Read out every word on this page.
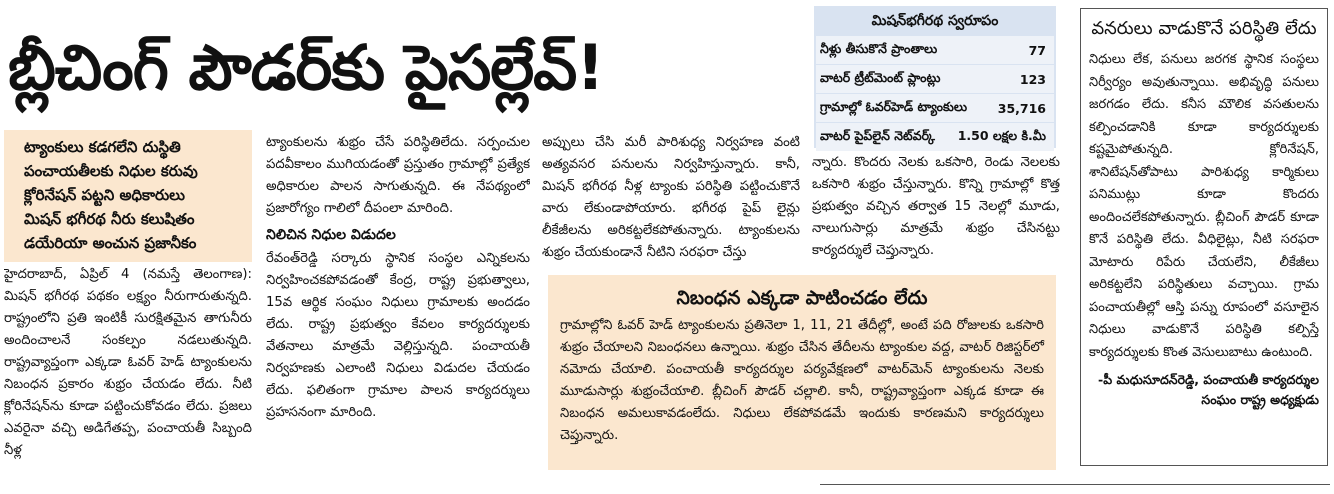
బ్లీచింగ్ పౌడర్‌కు పైసల్లేవ్!
• ట్యాంకులు కడగలేని దుస్థితి
• పంచాయతీలకు నిధుల కరువు
• క్లోరినేషన్ పట్టని అధికారులు
• మిషన్ భగీరథ నీరు కలుషితం
• డయేరియా అంచున ప్రజానీకం

హైదరాబాద్, ఏప్రిల్ 4 (నమస్తే తెలంగాణ): మిషన్ భగీరథ పథకం లక్ష్యం నీరుగారుతున్నది. రాష్ట్రంలోని ప్రతి ఇంటికీ సురక్షితమైన తాగునీరు అందించాలనే సంకల్పం నడలుతున్నది. రాష్ట్రవ్యాప్తంగా ఎక్కడా ఓవర్ హెడ్ ట్యాంకులను నిబంధన ప్రకారం శుభ్రం చేయడం లేదు. నీటి క్లోరినేషన్‌ను కూడా పట్టించుకోవడం లేదు. ప్రజలు ఎవరైనా వచ్చి అడిగేతప్ప, పంచాయతీ సిబ్బంది నీళ్ల

ట్యాంకులను శుభ్రం చేసే పరిస్థితిలేదు. సర్పంచుల పదవీకాలం ముగియడంతో ప్రస్తుతం గ్రామాల్లో ప్రత్యేక అధికారుల పాలన సాగుతున్నది. ఈ నేపథ్యంలో ప్రజారోగ్యం గాలిలో దీపంలా మారింది.

నిలిచిన నిధుల విడుదల

రేవంత్‌రెడ్డి సర్కారు స్థానిక సంస్థల ఎన్నికలను నిర్వహించకపోవడంతో కేంద్ర, రాష్ట్ర ప్రభుత్వాలు, 15వ ఆర్థిక సంఘం నిధులు గ్రామాలకు అందడం లేదు. రాష్ట్ర ప్రభుత్వం కేవలం కార్యదర్శులకు వేతనాలు మాత్రమే వెల్లిస్తున్నది. పంచాయతీ నిర్వహణకు ఎలాంటి నిధులు విడుదల చేయడం లేదు. ఫలితంగా గ్రామాల పాలన కార్యదర్శులు ప్రహసనంగా మారింది.

అప్పులు చేసి మరీ పారిశుధ్య నిర్వహణ వంటి అత్యవసర పనులను నిర్వహిస్తున్నారు. కానీ, మిషన్ భగీరథ నీళ్ల ట్యాంకు పరిస్థితి పట్టించుకొనే వారు లేకుండాపోయారు. భగీరథ పైప్ లైన్లు లీకేజీలను అరికట్టలేకపోతున్నారు. ట్యాంకులను శుభ్రం చేయకుండానే నీటిని సరఫరా చేస్తు

న్నారు. కొందరు నెలకు ఒకసారి, రెండు నెలలకు ఒకసారి శుభ్రం చేస్తున్నారు. కొన్ని గ్రామాల్లో కొత్త ప్రభుత్వం వచ్చిన తర్వాత 15 నెలల్లో మూడు, నాలుగుసార్లు మాత్రమే శుభ్రం చేసినట్టు కార్యదర్శులే చెప్తున్నారు.

మిషన్‌భగీరథ స్వరూపం
నీళ్లు తీసుకొనే ప్రాంతాలు	77
వాటర్ ట్రీట్‌మెంట్ ప్లాంట్లు	123
గ్రామాల్లో ఓవర్‌హెడ్ ట్యాంకులు	35,716
వాటర్ పైప్‌లైన్ నెట్‌వర్క్	1.50 లక్షల కి.మీ
నిబంధన ఎక్కడా పాటించడం లేదు
గ్రామాల్లోని ఓవర్ హెడ్ ట్యాంకులను ప్రతినెలా 1, 11, 21 తేదీల్లో, అంటే పది రోజులకు ఒకసారి శుభ్రం చేయాలని నిబంధనలు ఉన్నాయి. శుభ్రం చేసిన తేదీలను ట్యాంకుల వద్ద, వాటర్ రిజిస్టర్‌లో నమోదు చేయాలి. పంచాయతీ కార్యదర్శుల పర్యవేక్షణలో వాటర్‌మెన్ ట్యాంకులను నెలకు మూడుసార్లు శుభ్రంచేయాలి. బ్లీచింగ్ పౌడర్ చల్లాలి. కానీ, రాష్ట్రవ్యాప్తంగా ఎక్కడ కూడా ఈ నిబంధన అమలుకావడంలేదు. నిధులు లేకపోవడమే ఇందుకు కారణమని కార్యదర్శులు చెప్తున్నారు.
వనరులు వాడుకొనే పరిస్థితి లేదు
నిధులు లేక, పనులు జరగక స్థానిక సంస్థలు నిర్వీర్యం అవుతున్నాయి. అభివృద్ధి పనులు జరగడం లేదు. కనీస మౌలిక వసతులను కల్పించడానికి కూడా కార్యదర్శులకు కష్టమైపోతున్నది. క్లోరినేషన్, శానిటేషన్‌తోపాటు పారిశుధ్య కార్మికులు పనిముట్లు కూడా కొందరు అందించలేకపోతున్నారు. బ్లీచింగ్ పౌడర్ కూడా కొనే పరిస్థితి లేదు. వీధిలైట్లు, నీటి సరఫరా మోటారు రిపేరు చేయలేని, లీకేజీలు అరికట్టలేని పరిస్థితులు వచ్చాయి. గ్రామ పంచాయతీల్లో ఆస్తి పన్ను రూపంలో వసూలైన నిధులు వాడుకొనే పరిస్థితి కల్పిస్తే కార్యదర్శులకు కొంత వెసులుబాటు ఉంటుంది.
-పీ మధుసూదన్‌రెడ్డి, పంచాయతీ కార్యదర్శుల సంఘం రాష్ట్ర అధ్యక్షుడు
